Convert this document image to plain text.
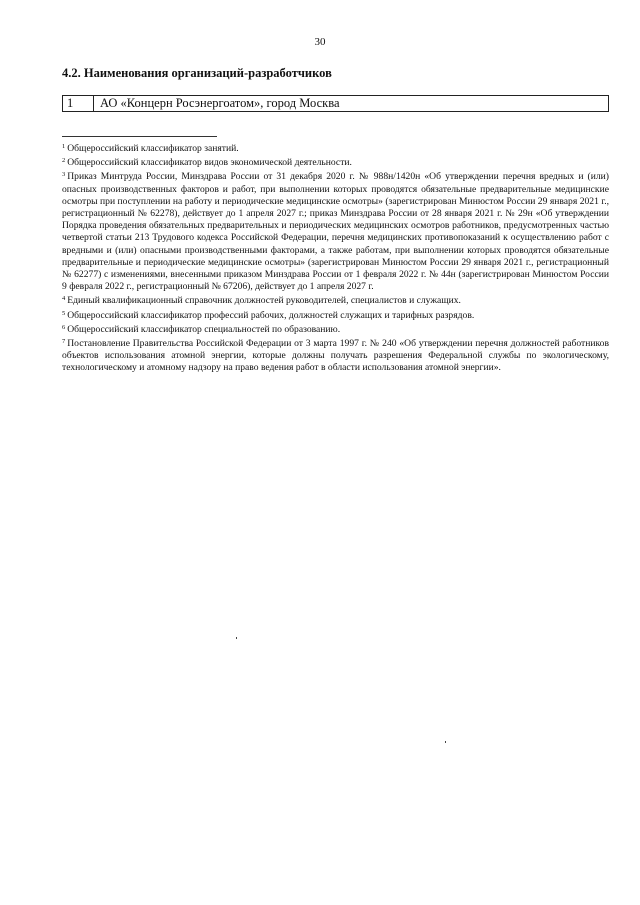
30
4.2. Наименования организаций-разработчиков
1	АО «Концерн Росэнергоатом», город Москва

$^1$ Общероссийский классификатор занятий.

$^2$ Общероссийский классификатор видов экономической деятельности.

$^3$ Приказ Минтруда России, Минздрава России от 31 декабря 2020 г. № 988н/1420н «Об утверждении перечня вредных и (или) опасных производственных факторов и работ, при выполнении которых проводятся обязательные предварительные медицинские осмотры при поступлении на работу и периодические медицинские осмотры» (зарегистрирован Минюстом России 29 января 2021 г., регистрационный № 62278), действует до 1 апреля 2027 г.; приказ Минздрава России от 28 января 2021 г. № 29н «Об утверждении Порядка проведения обязательных предварительных и периодических медицинских осмотров работников, предусмотренных частью четвертой статьи 213 Трудового кодекса Российской Федерации, перечня медицинских противопоказаний к осуществлению работ с вредными и (или) опасными производственными факторами, а также работам, при выполнении которых проводятся обязательные предварительные и периодические медицинские осмотры» (зарегистрирован Минюстом России 29 января 2021 г., регистрационный № 62277) с изменениями, внесенными приказом Минздрава России от 1 февраля 2022 г. № 44н (зарегистрирован Минюстом России 9 февраля 2022 г., регистрационный № 67206), действует до 1 апреля 2027 г.

$^4$ Единый квалификационный справочник должностей руководителей, специалистов и служащих.

$^5$ Общероссийский классификатор профессий рабочих, должностей служащих и тарифных разрядов.

$^6$ Общероссийский классификатор специальностей по образованию.

$^7$ Постановление Правительства Российской Федерации от 3 марта 1997 г. № 240 «Об утверждении перечня должностей работников объектов использования атомной энергии, которые должны получать разрешения Федеральной службы по экологическому, технологическому и атомному надзору на право ведения работ в области использования атомной энергии».
